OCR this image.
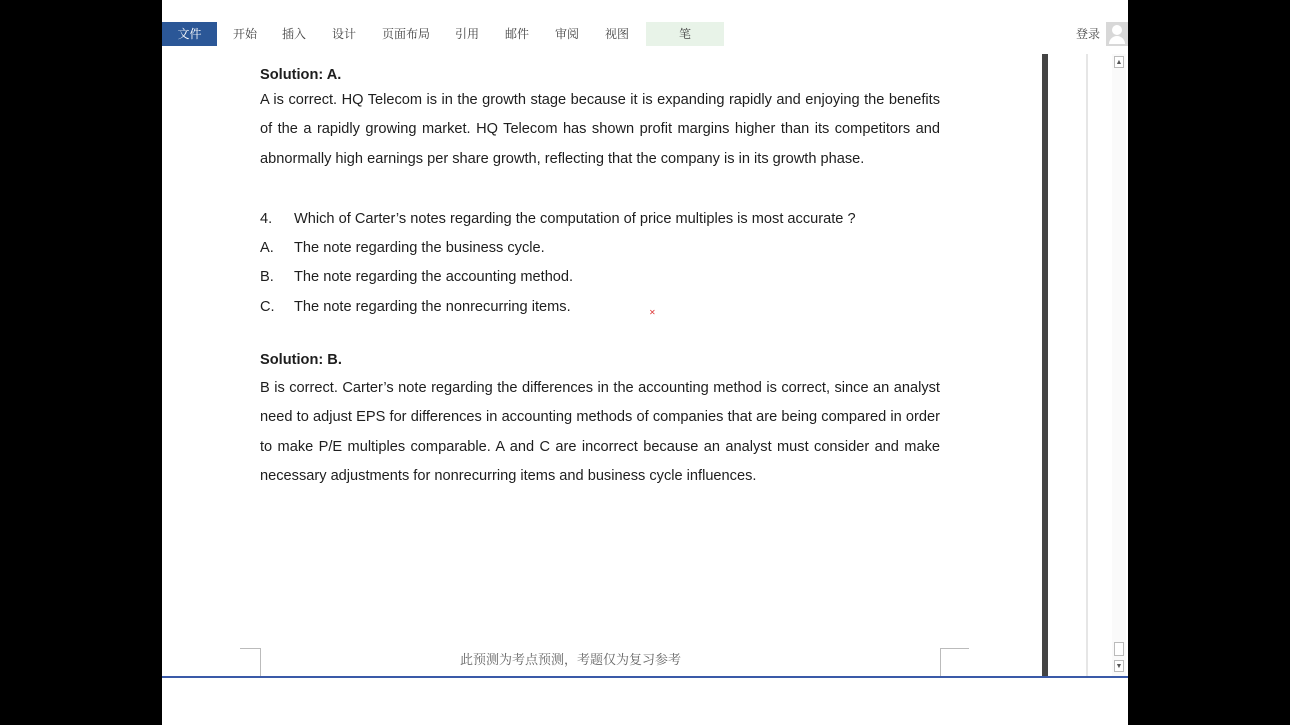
文件	开始	插入	设计	页面布局	引用	邮件	审阅	视图	笔	登录

Solution: A.

A is correct. HQ Telecom is in the growth stage because it is expanding rapidly and enjoying the benefits of the a rapidly growing market. HQ Telecom has shown profit margins higher than its competitors and abnormally high earnings per share growth, reflecting that the company is in its growth phase.

4.	Which of Carter’s notes regarding the computation of price multiples is most accurate ?
A.	The note regarding the business cycle.
B.	The note regarding the accounting method.
C.	The note regarding the nonrecurring items.

Solution: B.

B is correct. Carter’s note regarding the differences in the accounting method is correct, since an analyst need to adjust EPS for differences in accounting methods of companies that are being compared in order to make P/E multiples comparable. A and C are incorrect because an analyst must consider and make necessary adjustments for nonrecurring items and business cycle influences.

✕
此预测为考点预测，考题仅为复习参考
▲
▼
